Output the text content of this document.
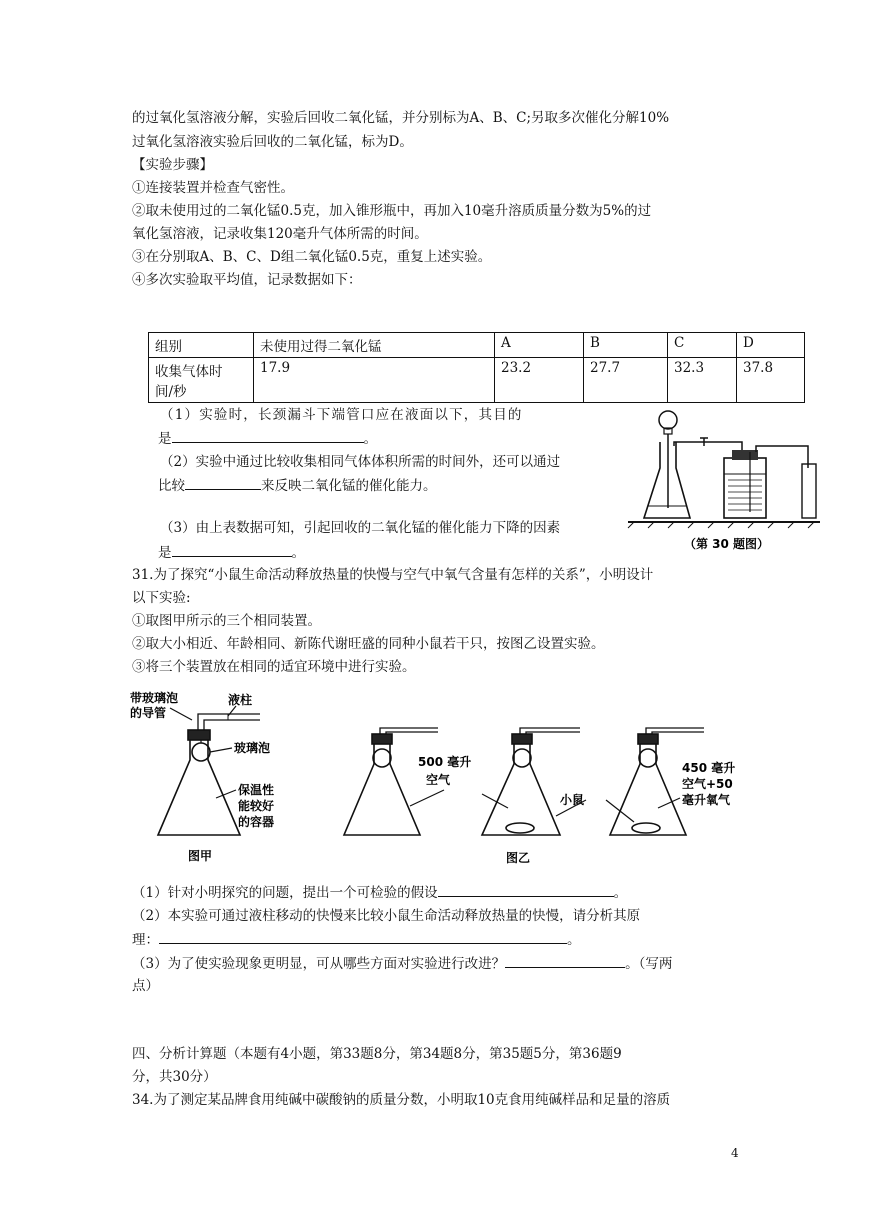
的过氧化氢溶液分解，实验后回收二氧化锰，并分别标为A、B、C;另取多次催化分解10%
过氧化氢溶液实验后回收的二氧化锰，标为D。
【实验步骤】
①连接装置并检查气密性。
②取未使用过的二氧化锰0.5克，加入锥形瓶中，再加入10毫升溶质质量分数为5%的过
氧化氢溶液，记录收集120毫升气体所需的时间。
③在分别取A、B、C、D组二氧化锰0.5克，重复上述实验。
④多次实验取平均值，记录数据如下：
组别	未使用过得二氧化锰	A	B	C	D
收集气体时
间/秒	17.9	23.2	27.7	32.3	37.8
（1）实验时，长颈漏斗下端管口应在液面以下，其目的
是	。
（2）实验中通过比较收集相同气体体积所需的时间外，还可以通过
比较	来反映二氧化锰的催化能力。
（3）由上表数据可知，引起回收的二氧化锰的催化能力下降的因素
是	。
（第 30 题图）
31.为了探究“小鼠生命活动释放热量的快慢与空气中氧气含量有怎样的关系”，小明设计
以下实验:
①取图甲所示的三个相同装置。
②取大小相近、年龄相同、新陈代谢旺盛的同种小鼠若干只，按图乙设置实验。
③将三个装置放在相同的适宜环境中进行实验。
带玻璃泡
的导管
液柱
玻璃泡
保温性
能较好
的容器
图甲
500 毫升
空气
小鼠
450 毫升
空气+50
毫升氧气
图乙
（1）针对小明探究的问题，提出一个可检验的假设	。
（2）本实验可通过液柱移动的快慢来比较小鼠生命活动释放热量的快慢，请分析其原
理：	。
（3）为了使实验现象更明显，可从哪些方面对实验进行改进？	。（写两
点）
四、分析计算题（本题有4小题，第33题8分，第34题8分，第35题5分，第36题9
分，共30分）
34.为了测定某品牌食用纯碱中碳酸钠的质量分数，小明取10克食用纯碱样品和足量的溶质
4
